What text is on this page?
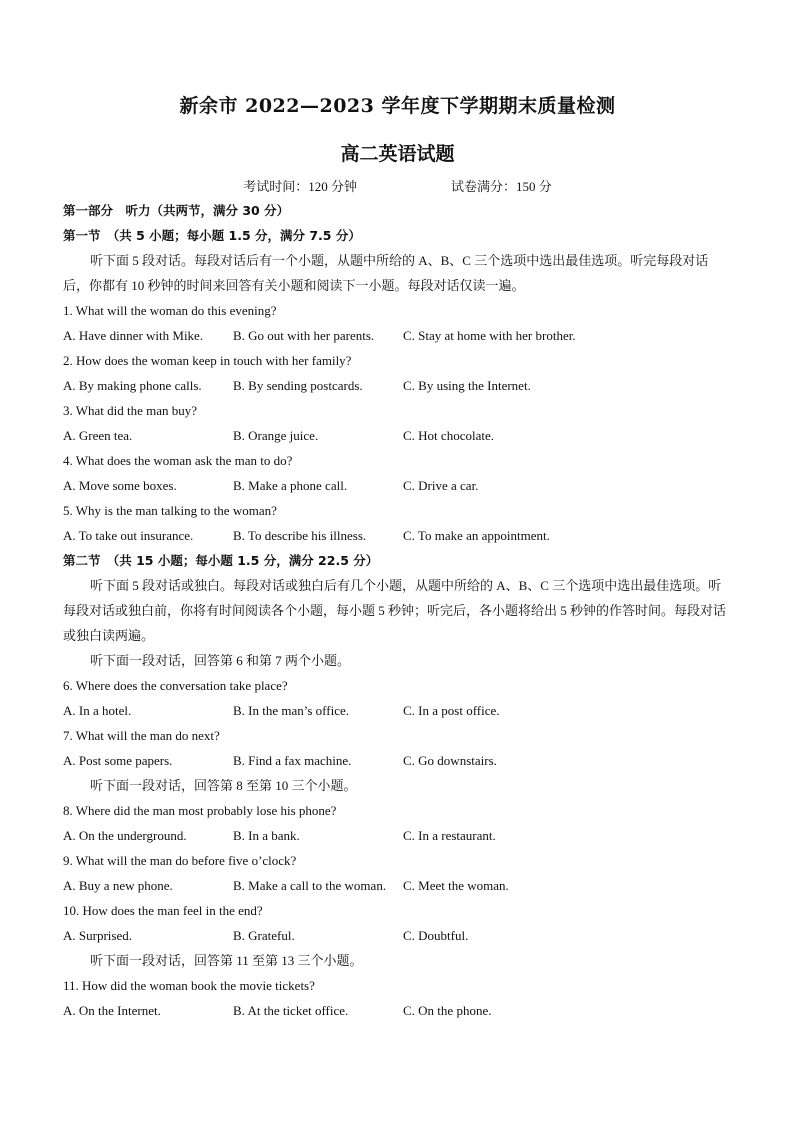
新余市 2022—2023 学年度下学期期末质量检测
高二英语试题
考试时间：120 分钟	试卷满分：150 分
第一部分　听力（共两节，满分 30 分）
第一节　（共 5 小题；每小题 1.5 分，满分 7.5 分）
听下面 5 段对话。每段对话后有一个小题，从题中所给的 A、B、C 三个选项中选出最佳选项。听完每段对话后，你都有 10 秒钟的时间来回答有关小题和阅读下一小题。每段对话仅读一遍。
1. What will the woman do this evening?
A. Have dinner with Mike.	B. Go out with her parents.	C. Stay at home with her brother.
2. How does the woman keep in touch with her family?
A. By making phone calls.	B. By sending postcards.	C. By using the Internet.
3. What did the man buy?
A. Green tea.	B. Orange juice.	C. Hot chocolate.
4. What does the woman ask the man to do?
A. Move some boxes.	B. Make a phone call.	C. Drive a car.
5. Why is the man talking to the woman?
A. To take out insurance.	B. To describe his illness.	C. To make an appointment.
第二节　（共 15 小题；每小题 1.5 分，满分 22.5 分）
听下面 5 段对话或独白。每段对话或独白后有几个小题，从题中所给的 A、B、C 三个选项中选出最佳选项。听每段对话或独白前，你将有时间阅读各个小题，每小题 5 秒钟；听完后，各小题将给出 5 秒钟的作答时间。每段对话或独白读两遍。
听下面一段对话，回答第 6 和第 7 两个小题。
6. Where does the conversation take place?
A. In a hotel.	B. In the man’s office.	C. In a post office.
7. What will the man do next?
A. Post some papers.	B. Find a fax machine.	C. Go downstairs.
听下面一段对话，回答第 8 至第 10 三个小题。
8. Where did the man most probably lose his phone?
A. On the underground.	B. In a bank.	C. In a restaurant.
9. What will the man do before five o’clock?
A. Buy a new phone.	B. Make a call to the woman.	C. Meet the woman.
10. How does the man feel in the end?
A. Surprised.	B. Grateful.	C. Doubtful.
听下面一段对话，回答第 11 至第 13 三个小题。
11. How did the woman book the movie tickets?
A. On the Internet.	B. At the ticket office.	C. On the phone.
